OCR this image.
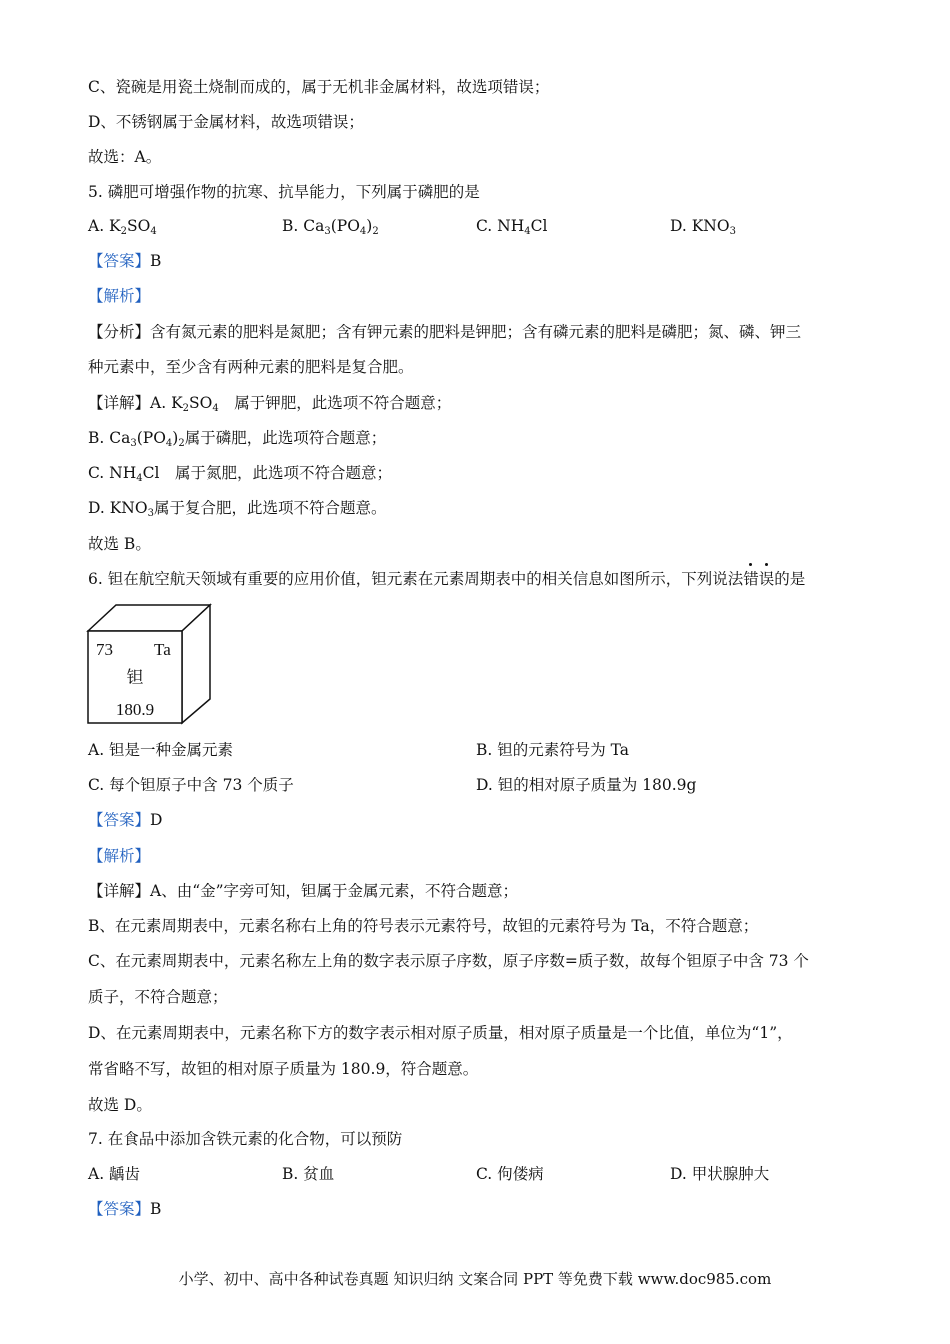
C、瓷碗是用瓷土烧制而成的，属于无机非金属材料，故选项错误；
D、不锈钢属于金属材料，故选项错误；
故选：A。
5. 磷肥可增强作物的抗寒、抗旱能力，下列属于磷肥的是
A. $K_2SO_4$	B. $Ca_3(PO_4)_2$	C. $NH_4Cl$	D. $KNO_3$
【答案】B
【解析】
【分析】含有氮元素的肥料是氮肥；含有钾元素的肥料是钾肥；含有磷元素的肥料是磷肥；氮、磷、钾三
种元素中，至少含有两种元素的肥料是复合肥。
【详解】A. $K_2SO_4$　属于钾肥，此选项不符合题意；
B. $Ca_3(PO_4)_2$属于磷肥，此选项符合题意；
C. $NH_4Cl$　属于氮肥，此选项不符合题意；
D. $KNO_3$属于复合肥，此选项不符合题意。
故选 B。
6. 钽在航空航天领域有重要的应用价值，钽元素在元素周期表中的相关信息如图所示，下列说法错误的是
73 Ta
钽
180.9
A. 钽是一种金属元素	B. 钽的元素符号为 Ta
C. 每个钽原子中含 73 个质子	D. 钽的相对原子质量为 180.9g
【答案】D
【解析】
【详解】A、由“金”字旁可知，钽属于金属元素，不符合题意；
B、在元素周期表中，元素名称右上角的符号表示元素符号，故钽的元素符号为 Ta，不符合题意；
C、在元素周期表中，元素名称左上角的数字表示原子序数，原子序数=质子数，故每个钽原子中含 73 个
质子，不符合题意；
D、在元素周期表中，元素名称下方的数字表示相对原子质量，相对原子质量是一个比值，单位为“1”，
常省略不写，故钽的相对原子质量为 180.9，符合题意。
故选 D。
7. 在食品中添加含铁元素的化合物，可以预防
A. 龋齿	B. 贫血	C. 佝偻病	D. 甲状腺肿大
【答案】B
小学、初中、高中各种试卷真题 知识归纳 文案合同 PPT 等免费下载 www.doc985.com
